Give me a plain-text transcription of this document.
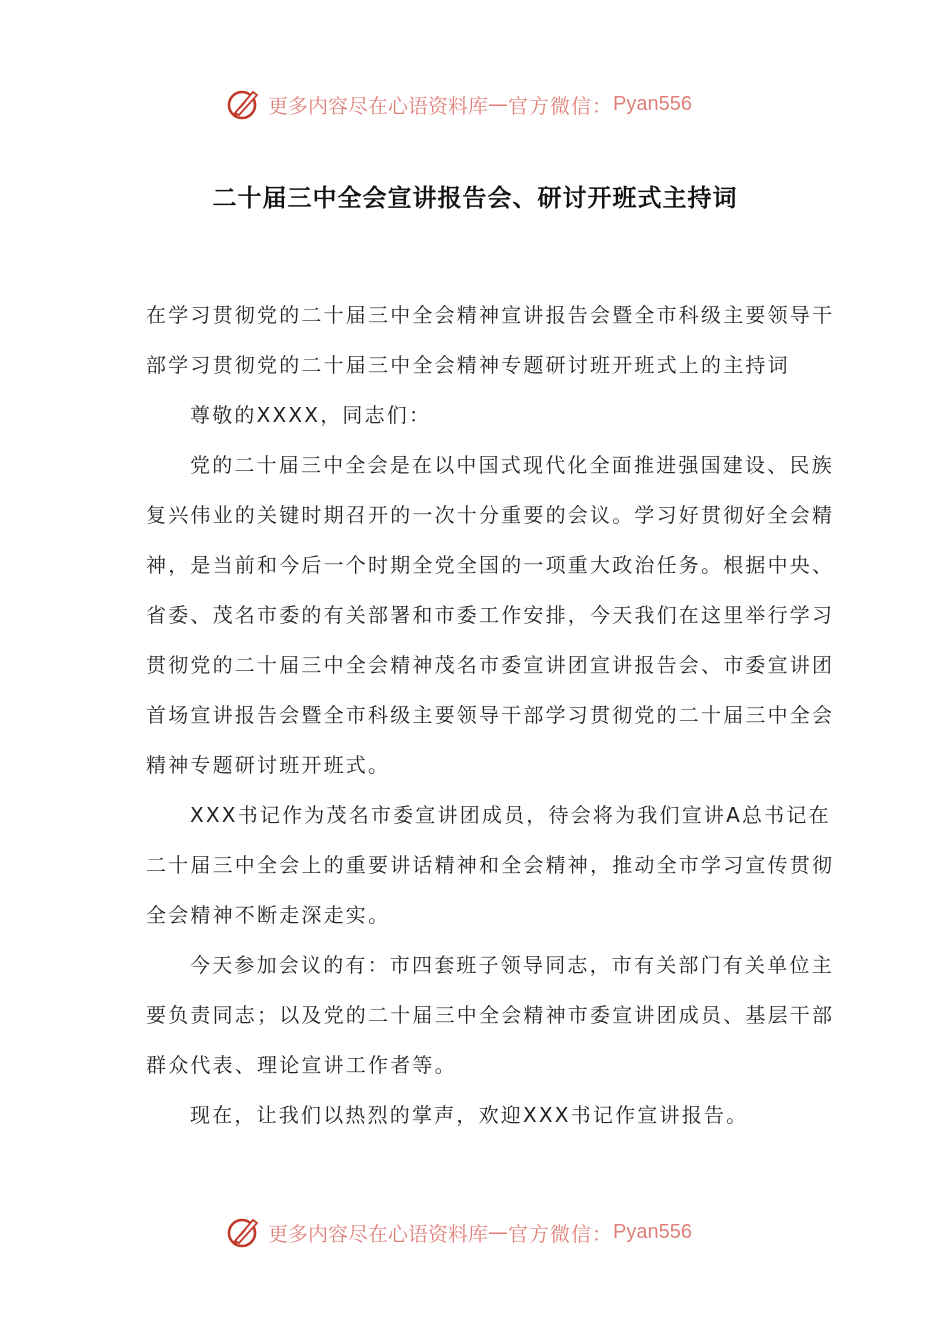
更多内容尽在心语资料库 — 官方微信： Pyan556
二十届三中全会宣讲报告会、研讨开班式主持词

在学习贯彻党的二十届三中全会精神宣讲报告会暨全市科级主要领导干部学习贯彻党的二十届三中全会精神专题研讨班开班式上的主持词

尊敬的XXXX，同志们：

党的二十届三中全会是在以中国式现代化全面推进强国建设、民族复兴伟业的关键时期召开的一次十分重要的会议。学习好贯彻好全会精神，是当前和今后一个时期全党全国的一项重大政治任务。根据中央、省委、茂名市委的有关部署和市委工作安排，今天我们在这里举行学习贯彻党的二十届三中全会精神茂名市委宣讲团宣讲报告会、市委宣讲团首场宣讲报告会暨全市科级主要领导干部学习贯彻党的二十届三中全会精神专题研讨班开班式。

XXX书记作为茂名市委宣讲团成员，待会将为我们宣讲A总书记在二十届三中全会上的重要讲话精神和全会精神，推动全市学习宣传贯彻全会精神不断走深走实。

今天参加会议的有：市四套班子领导同志，市有关部门有关单位主要负责同志；以及党的二十届三中全会精神市委宣讲团成员、基层干部群众代表、理论宣讲工作者等。

现在，让我们以热烈的掌声，欢迎XXX书记作宣讲报告。

更多内容尽在心语资料库 — 官方微信： Pyan556
